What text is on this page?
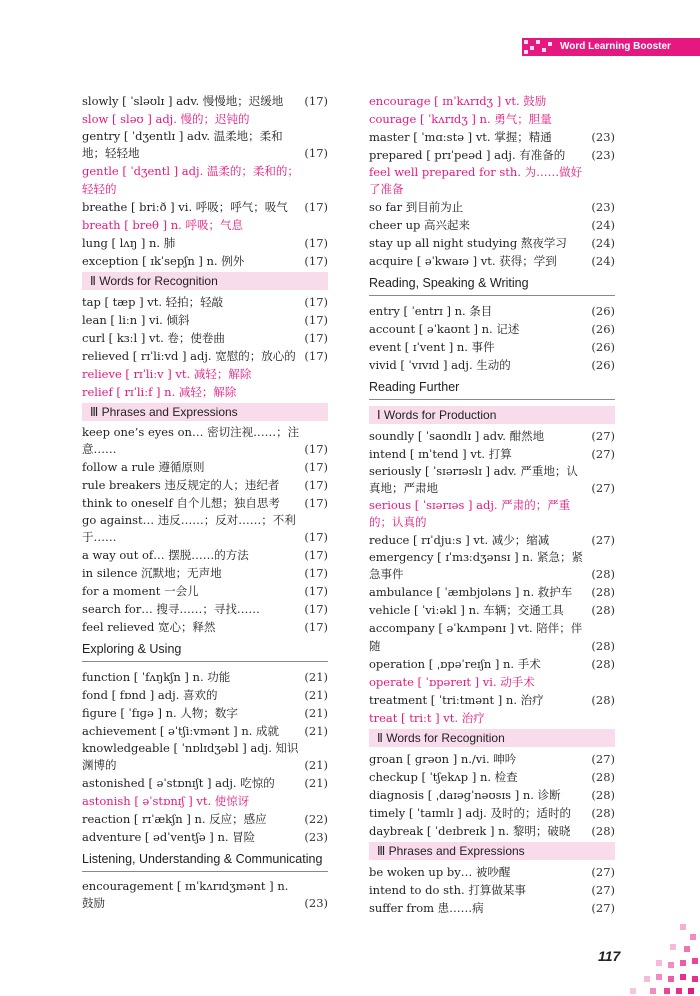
Word Learning Booster
slowly [ ˈsləʊlɪ ] adv. 慢慢地；迟缓地 (17)
slow [ sləʊ ] adj. 慢的；迟钝的
gentry [ ˈdʒentlɪ ] adv. 温柔地；柔和地；轻轻地	(17)
gentle [ ˈdʒentl ] adj. 温柔的；柔和的；轻轻的
breathe [ briːð ] vi. 呼吸；呼气；吸气 (17)
breath [ breθ ] n. 呼吸；气息
lung [ lʌŋ ] n. 肺	(17)
exception [ ɪkˈsepʃn ] n. 例外	(17)
Ⅱ Words for Recognition
tap [ tæp ] vt. 轻拍；轻敲	(17)
lean [ liːn ] vi. 倾斜	(17)
curl [ kɜːl ] vt. 卷；使卷曲	(17)
relieved [ rɪˈliːvd ] adj. 宽慰的；放心的 (17)
relieve [ rɪˈliːv ] vt. 减轻；解除
relief [ rɪˈliːf ] n. 减轻；解除
Ⅲ Phrases and Expressions
keep one’s eyes on… 密切注视……；注意……	(17)
follow a rule 遵循原则	(17)
rule breakers 违反规定的人；违纪者 (17)
think to oneself 自个儿想；独自思考 (17)
go against… 违反……；反对……；不利于……	(17)
a way out of… 摆脱……的方法	(17)
in silence 沉默地；无声地	(17)
for a moment 一会儿	(17)
search for… 搜寻……；寻找……	(17)
feel relieved 宽心；释然	(17)
Exploring & Using
function [ ˈfʌŋkʃn ] n. 功能	(21)
fond [ fɒnd ] adj. 喜欢的	(21)
figure [ ˈfɪɡə ] n. 人物；数字	(21)
achievement [ əˈtʃiːvmənt ] n. 成就 (21)
knowledgeable [ ˈnɒlɪdʒəbl ] adj. 知识渊博的	(21)
astonished [ əˈstɒnɪʃt ] adj. 吃惊的	(21)
astonish [ əˈstɒnɪʃ ] vt. 使惊讶
reaction [ rɪˈækʃn ] n. 反应；感应	(22)
adventure [ ədˈventʃə ] n. 冒险	(23)
Listening, Understanding & Communicating
encouragement [ ɪnˈkʌrɪdʒmənt ] n. 鼓励	(23)
encourage [ ɪnˈkʌrɪdʒ ] vt. 鼓励
courage [ ˈkʌrɪdʒ ] n. 勇气；胆量
master [ ˈmɑːstə ] vt. 掌握；精通	(23)
prepared [ prɪˈpeəd ] adj. 有准备的 (23)
feel well prepared for sth. 为……做好了准备
so far 到目前为止	(23)
cheer up 高兴起来	(24)
stay up all night studying 熬夜学习 (24)
acquire [ əˈkwaɪə ] vt. 获得；学到	(24)
Reading, Speaking & Writing
entry [ ˈentrɪ ] n. 条目	(26)
account [ əˈkaʊnt ] n. 记述	(26)
event [ ɪˈvent ] n. 事件	(26)
vivid [ ˈvɪvɪd ] adj. 生动的	(26)
Reading Further
Ⅰ Words for Production
soundly [ ˈsaʊndlɪ ] adv. 酣然地	(27)
intend [ ɪnˈtend ] vt. 打算	(27)
seriously [ ˈsɪərɪəslɪ ] adv. 严重地；认真地；严肃地	(27)
serious [ ˈsɪərɪəs ] adj. 严肃的；严重的；认真的
reduce [ rɪˈdjuːs ] vt. 减少；缩减	(27)
emergency [ ɪˈmɜːdʒənsɪ ] n. 紧急；紧急事件	(28)
ambulance [ ˈæmbjʊləns ] n. 救护车 (28)
vehicle [ ˈviːəkl ] n. 车辆；交通工具 (28)
accompany [ əˈkʌmpənɪ ] vt. 陪伴；伴随	(28)
operation [ ˌɒpəˈreɪʃn ] n. 手术	(28)
operate [ ˈɒpəreɪt ] vi. 动手术
treatment [ ˈtriːtmənt ] n. 治疗	(28)
treat [ triːt ] vt. 治疗
Ⅱ Words for Recognition
groan [ ɡrəʊn ] n./vi. 呻吟	(27)
checkup [ ˈtʃekʌp ] n. 检查	(28)
diagnosis [ ˌdaɪəɡˈnəʊsɪs ] n. 诊断	(28)
timely [ ˈtaɪmlɪ ] adj. 及时的；适时的 (28)
daybreak [ ˈdeɪbreɪk ] n. 黎明；破晓 (28)
Ⅲ Phrases and Expressions
be woken up by… 被吵醒	(27)
intend to do sth. 打算做某事	(27)
suffer from 患……病	(27)
117
